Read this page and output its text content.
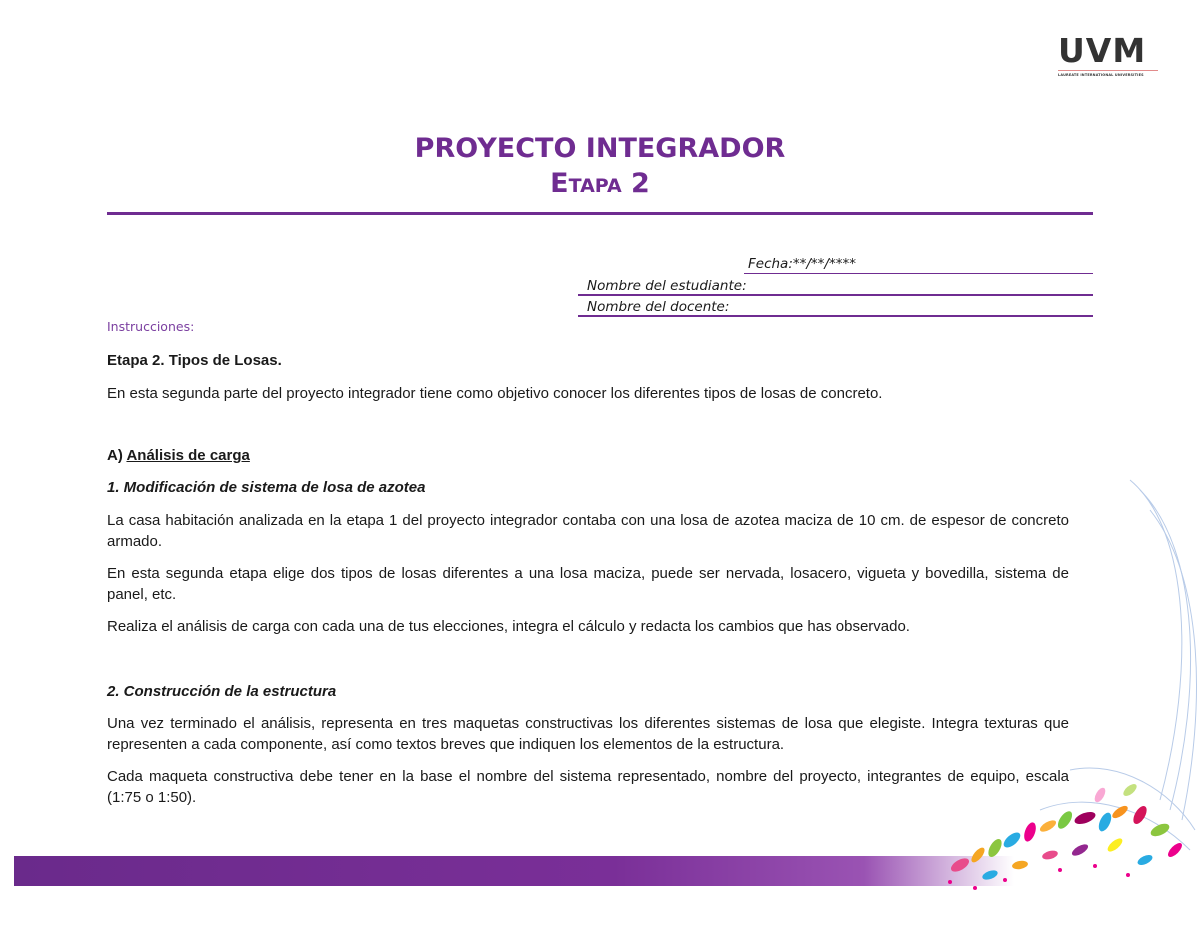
UVM
LAUREATE INTERNATIONAL UNIVERSITIES
PROYECTO INTEGRADOR
Etapa 2
Fecha:**/**/****
Nombre del estudiante:
Nombre del docente:
Instrucciones:

Etapa 2. Tipos de Losas.

En esta segunda parte del proyecto integrador tiene como objetivo conocer los diferentes tipos de losas de concreto.

A) Análisis de carga

1. Modificación de sistema de losa de azotea

La casa habitación analizada en la etapa 1 del proyecto integrador contaba con una losa de azotea maciza de 10 cm. de espesor de concreto armado.

En esta segunda etapa elige dos tipos de losas diferentes a una losa maciza, puede ser nervada, losacero, vigueta y bovedilla, sistema de panel, etc.

Realiza el análisis de carga con cada una de tus elecciones, integra el cálculo y redacta los cambios que has observado.

2. Construcción de la estructura

Una vez terminado el análisis, representa en tres maquetas constructivas los diferentes sistemas de losa que elegiste. Integra texturas que representen a cada componente, así como textos breves que indiquen los elementos de la estructura.

Cada maqueta constructiva debe tener en la base el nombre del sistema representado, nombre del proyecto, integrantes de equipo, escala (1:75 o 1:50).
